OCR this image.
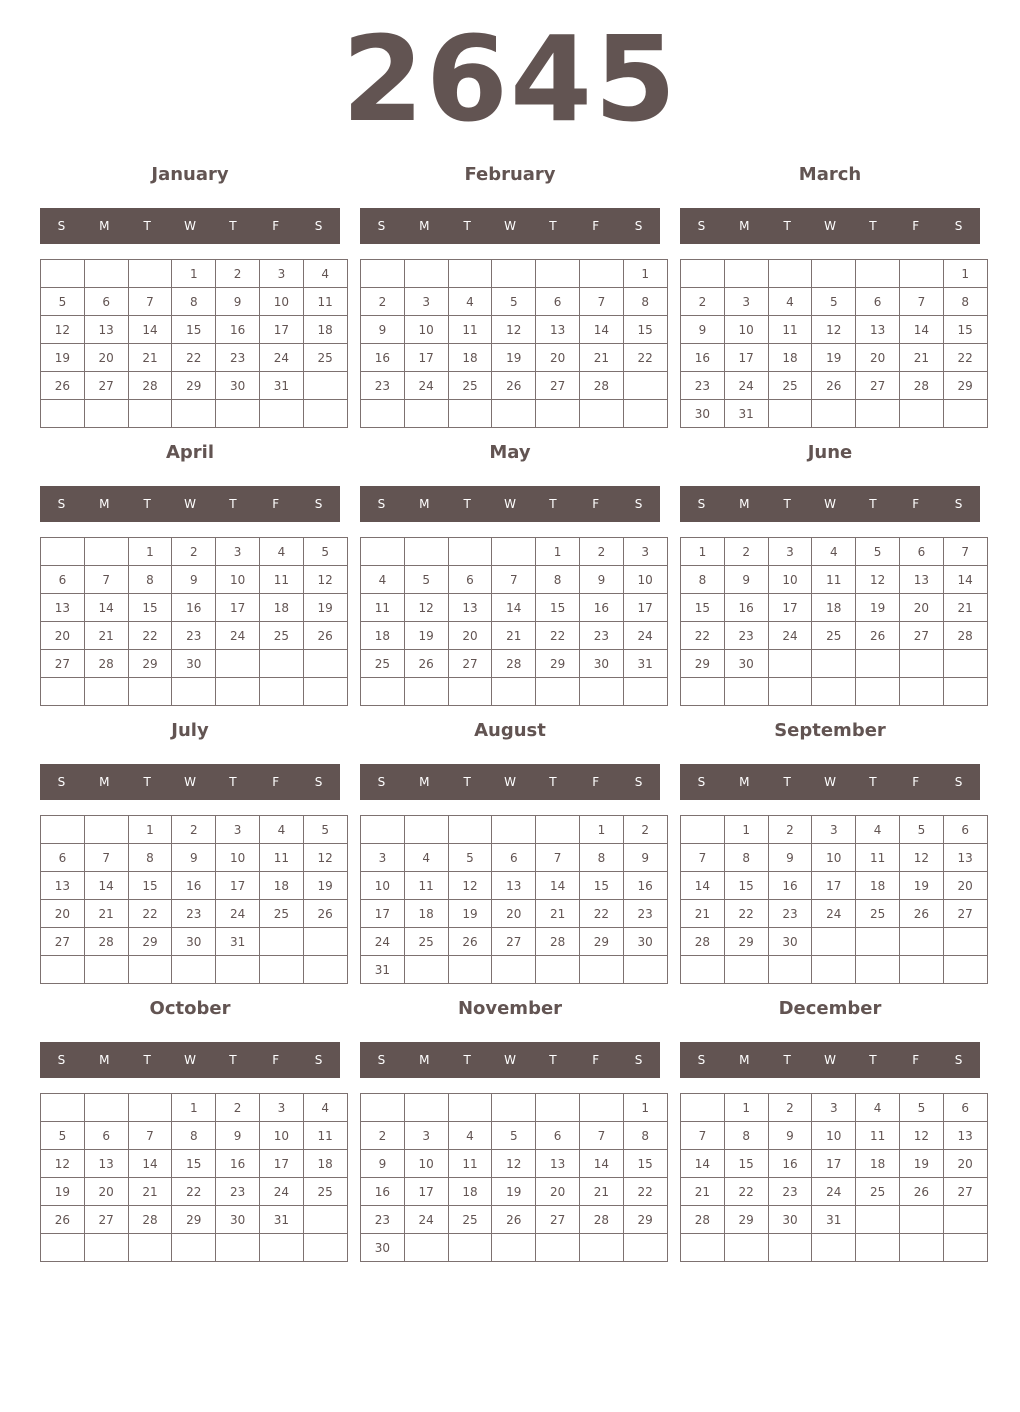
2645
January
S	M	T	W	T	F	S
			1	2	3	4
5	6	7	8	9	10	11
12	13	14	15	16	17	18
19	20	21	22	23	24	25
26	27	28	29	30	31	

February
S	M	T	W	T	F	S
						1
2	3	4	5	6	7	8
9	10	11	12	13	14	15
16	17	18	19	20	21	22
23	24	25	26	27	28	

March
S	M	T	W	T	F	S
						1
2	3	4	5	6	7	8
9	10	11	12	13	14	15
16	17	18	19	20	21	22
23	24	25	26	27	28	29
30	31					
April
S	M	T	W	T	F	S
		1	2	3	4	5
6	7	8	9	10	11	12
13	14	15	16	17	18	19
20	21	22	23	24	25	26
27	28	29	30			

May
S	M	T	W	T	F	S
				1	2	3
4	5	6	7	8	9	10
11	12	13	14	15	16	17
18	19	20	21	22	23	24
25	26	27	28	29	30	31

June
S	M	T	W	T	F	S
1	2	3	4	5	6	7
8	9	10	11	12	13	14
15	16	17	18	19	20	21
22	23	24	25	26	27	28
29	30					

July
S	M	T	W	T	F	S
		1	2	3	4	5
6	7	8	9	10	11	12
13	14	15	16	17	18	19
20	21	22	23	24	25	26
27	28	29	30	31		

August
S	M	T	W	T	F	S
					1	2
3	4	5	6	7	8	9
10	11	12	13	14	15	16
17	18	19	20	21	22	23
24	25	26	27	28	29	30
31						
September
S	M	T	W	T	F	S
	1	2	3	4	5	6
7	8	9	10	11	12	13
14	15	16	17	18	19	20
21	22	23	24	25	26	27
28	29	30				

October
S	M	T	W	T	F	S
			1	2	3	4
5	6	7	8	9	10	11
12	13	14	15	16	17	18
19	20	21	22	23	24	25
26	27	28	29	30	31	

November
S	M	T	W	T	F	S
						1
2	3	4	5	6	7	8
9	10	11	12	13	14	15
16	17	18	19	20	21	22
23	24	25	26	27	28	29
30						
December
S	M	T	W	T	F	S
	1	2	3	4	5	6
7	8	9	10	11	12	13
14	15	16	17	18	19	20
21	22	23	24	25	26	27
28	29	30	31			
